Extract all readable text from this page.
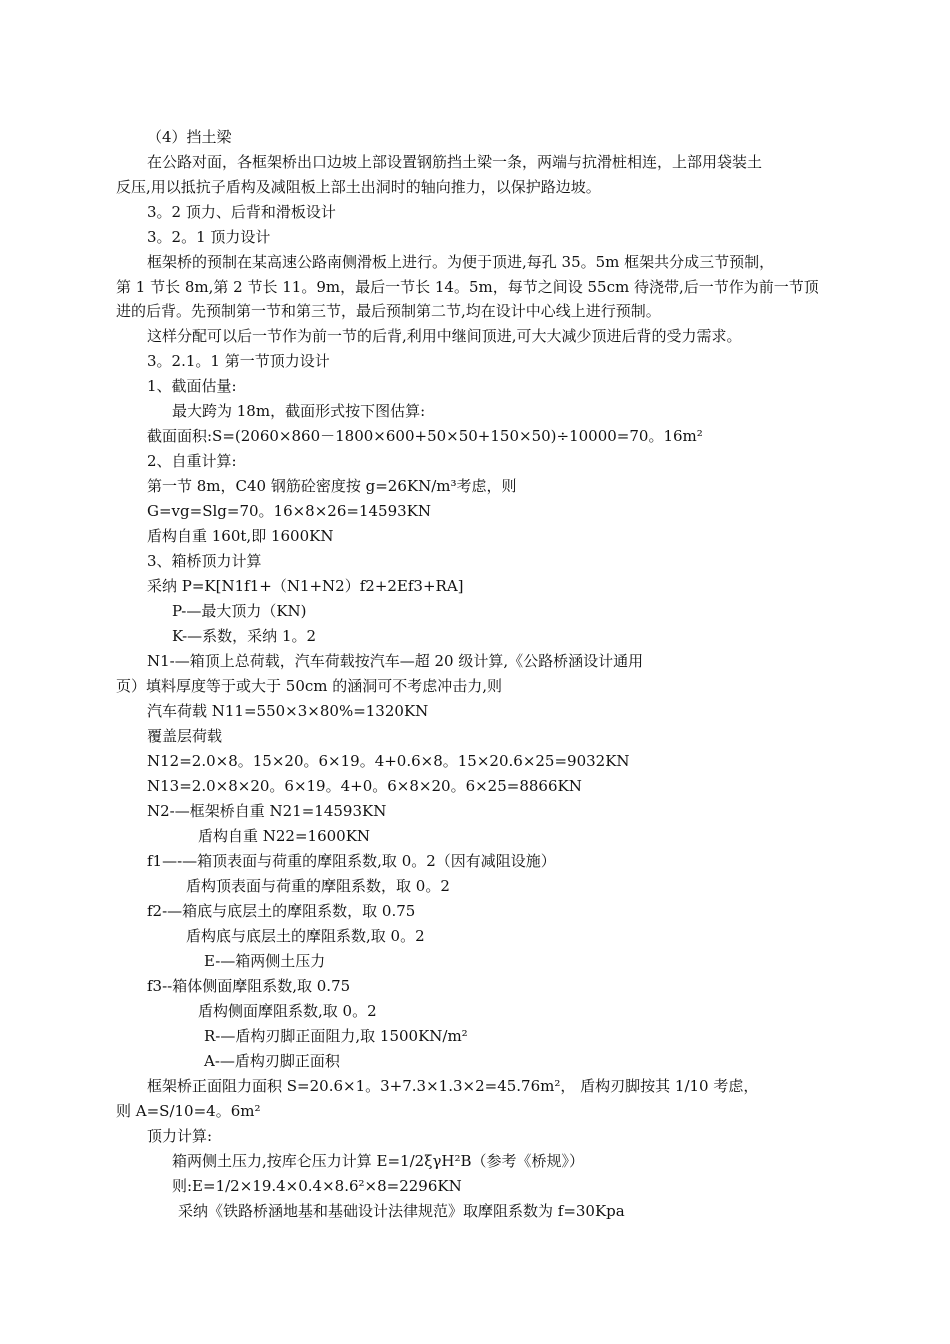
（4）挡土梁
在公路对面，各框架桥出口边坡上部设置钢筋挡土梁一条，两端与抗滑桩相连，上部用袋装土
反压,用以抵抗子盾构及减阻板上部土出洞时的轴向推力，以保护路边坡。
3。2 顶力、后背和滑板设计
3。2。1 顶力设计
框架桥的预制在某高速公路南侧滑板上进行。为便于顶进,每孔 35。5m 框架共分成三节预制，
第 1 节长 8m,第 2 节长 11。9m，最后一节长 14。5m，每节之间设 55cm 待浇带,后一节作为前一节顶
进的后背。先预制第一节和第三节，最后预制第二节,均在设计中心线上进行预制。
这样分配可以后一节作为前一节的后背,利用中继间顶进,可大大减少顶进后背的受力需求。
3。2.1。1 第一节顶力设计
1、截面估量:
最大跨为 18m，截面形式按下图估算:
截面面积:S=(2060×860－1800×600+50×50+150×50)÷10000=70。16m²
2、自重计算:
第一节 8m，C40 钢筋砼密度按 g=26KN/m³考虑，则
G=vg=Slg=70。16×8×26=14593KN
盾构自重 160t,即 1600KN
3、箱桥顶力计算
采纳 P=K[N1f1+（N1+N2）f2+2Ef3+RA]
P-—最大顶力（KN)
K-—系数，采纳 1。2
N1-—箱顶上总荷载，汽车荷载按汽车—超 20 级计算,《公路桥涵设计通用
页）填料厚度等于或大于 50cm 的涵洞可不考虑冲击力,则
汽车荷载 N11=550×3×80%=1320KN
覆盖层荷载
N12=2.0×8。15×20。6×19。4+0.6×8。15×20.6×25=9032KN
N13=2.0×8×20。6×19。4+0。6×8×20。6×25=8866KN
N2-—框架桥自重 N21=14593KN
盾构自重 N22=1600KN
f1—-—箱顶表面与荷重的摩阻系数,取 0。2（因有减阻设施）
盾构顶表面与荷重的摩阻系数，取 0。2
f2-—箱底与底层土的摩阻系数，取 0.75
盾构底与底层土的摩阻系数,取 0。2
E-—箱两侧土压力
f3--箱体侧面摩阻系数,取 0.75
盾构侧面摩阻系数,取 0。2
R-—盾构刃脚正面阻力,取 1500KN/m²
A-—盾构刃脚正面积
框架桥正面阻力面积 S=20.6×1。3+7.3×1.3×2=45.76m²， 盾构刃脚按其 1/10 考虑，
则 A=S/10=4。6m²
顶力计算:
箱两侧土压力,按库仑压力计算 E=1/2ξγH²B（参考《桥规》）
则:E=1/2×19.4×0.4×8.6²×8=2296KN
采纳《铁路桥涵地基和基础设计法律规范》取摩阻系数为 f=30Kpa
